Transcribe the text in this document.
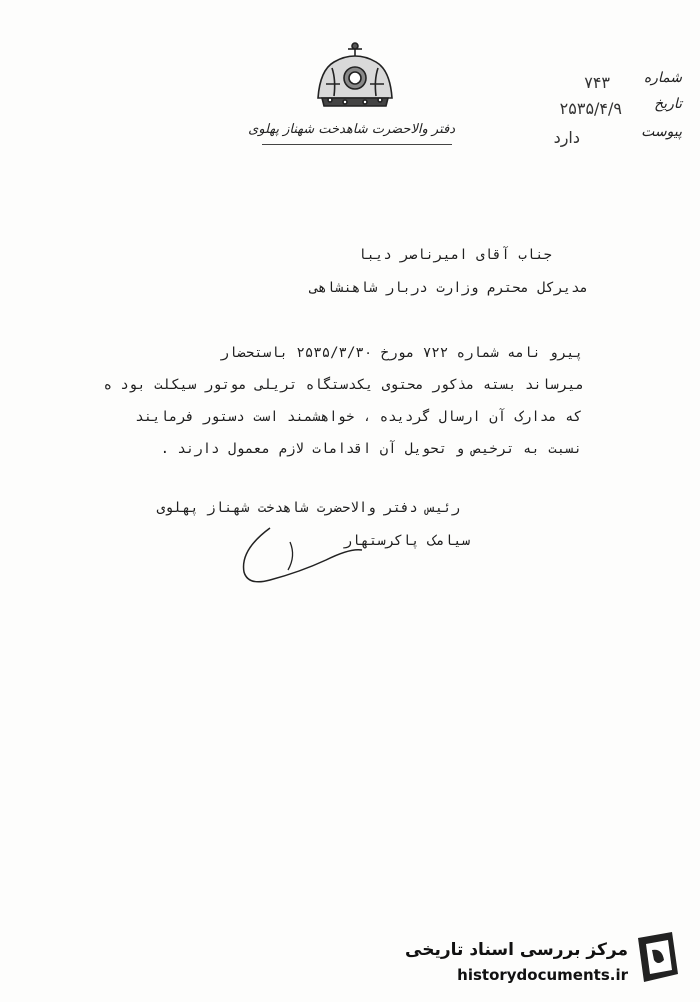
دفتر والاحضرت شاهدخت شهناز پهلوی
شماره
۷۴۳
تاریخ
۲۵۳۵/۴/۹
پیوست
دارد
جناب آقای امیرناصر دیبا
مدیرکل محترم وزارت دربار شاهنشاهی
پیرو نامه شماره ۷۲۲ مورخ ۲۵۳۵/۳/۳۰ باستحضار
میرساند بسته مذکور محتوی یکدستگاه تریلی موتور سیکلت بود ه
که مدارک آن ارسال گردیده ، خواهشمند است دستور فرمایند
نسبت به ترخیص و تحویل آن اقدامات لازم معمول دارند .
رئیس دفتر والاحضرت شاهدخت شهناز پهلوی
سیامک پاکرستهار
مرکز بررسی اسناد تاریخی
historydocuments.ir
